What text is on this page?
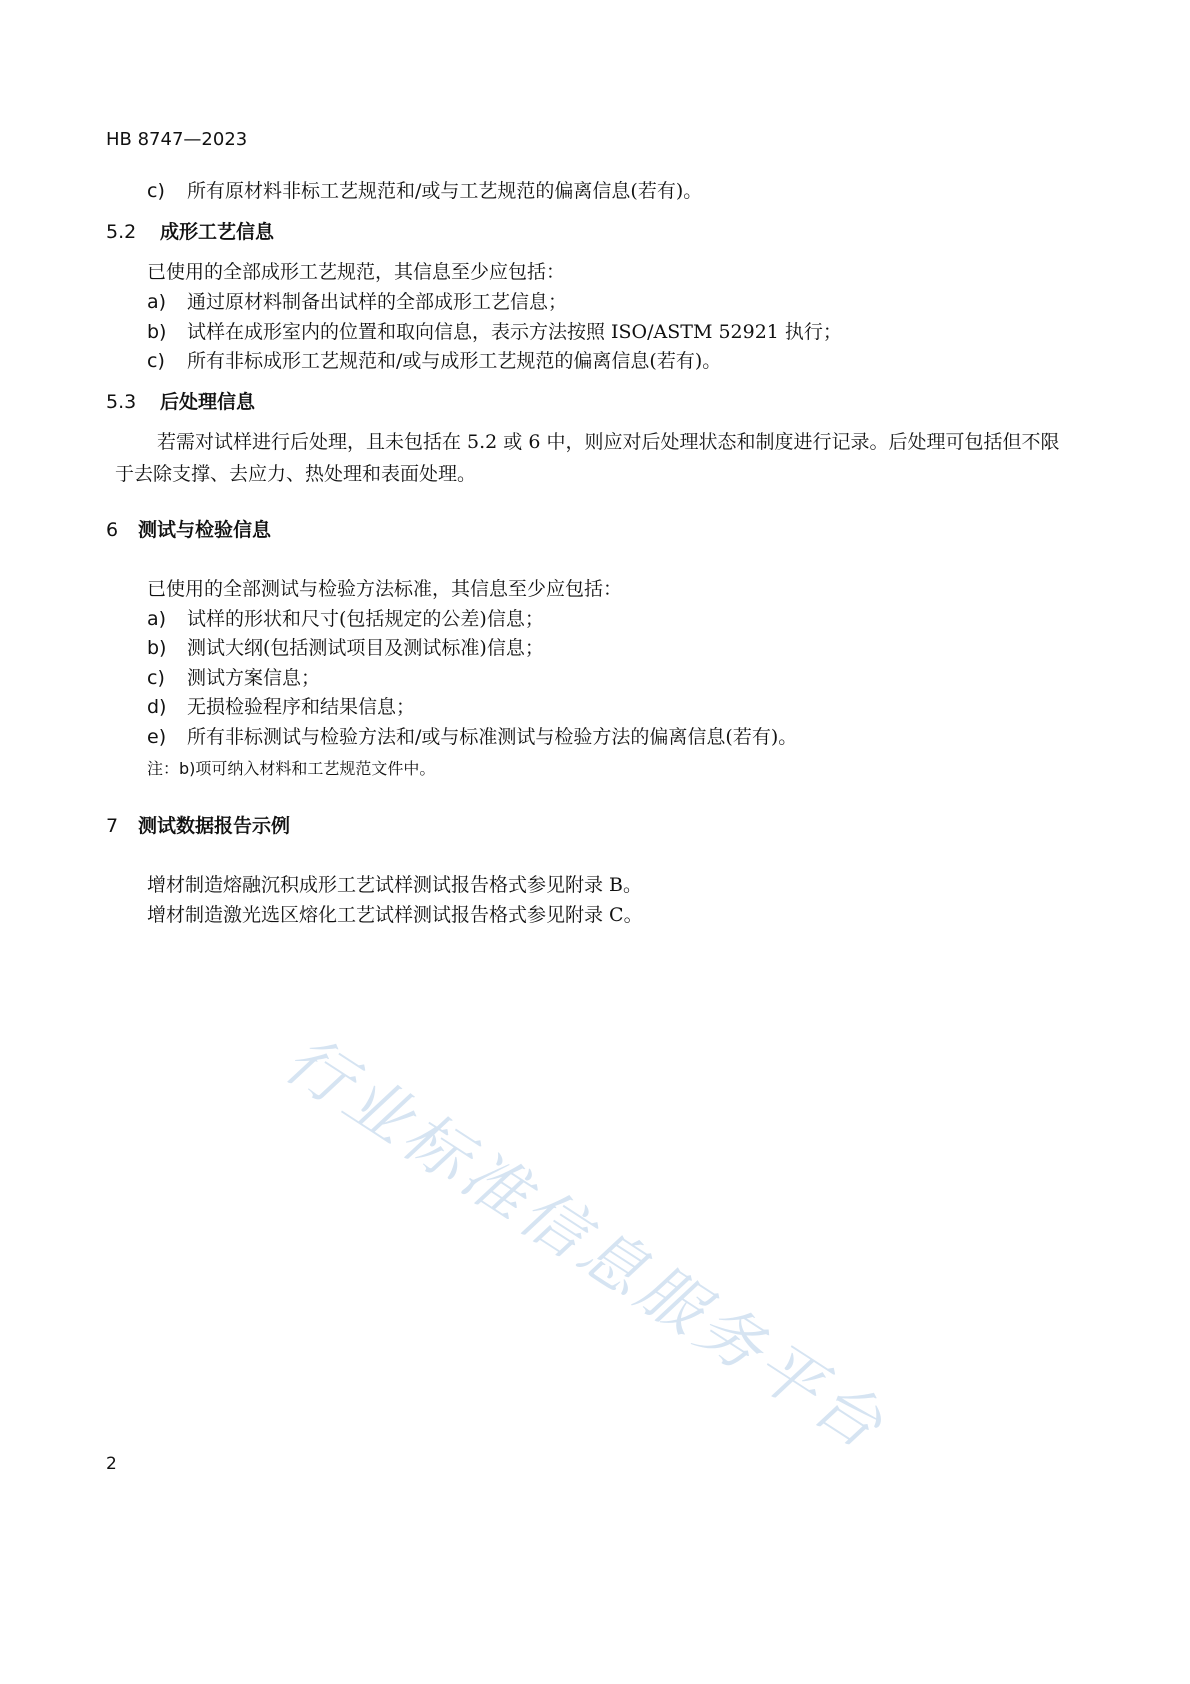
HB 8747—2023
c) 所有原材料非标工艺规范和/或与工艺规范的偏离信息(若有)。
5.2 成形工艺信息
已使用的全部成形工艺规范，其信息至少应包括：
a) 通过原材料制备出试样的全部成形工艺信息；
b) 试样在成形室内的位置和取向信息，表示方法按照 ISO/ASTM 52921 执行；
c) 所有非标成形工艺规范和/或与成形工艺规范的偏离信息(若有)。
5.3 后处理信息

若需对试样进行后处理，且未包括在 5.2 或 6 中，则应对后处理状态和制度进行记录。后处理可包括但不限于去除支撑、去应力、热处理和表面处理。

6 测试与检验信息
已使用的全部测试与检验方法标准，其信息至少应包括：
a) 试样的形状和尺寸(包括规定的公差)信息；
b) 测试大纲(包括测试项目及测试标准)信息；
c) 测试方案信息；
d) 无损检验程序和结果信息；
e) 所有非标测试与检验方法和/或与标准测试与检验方法的偏离信息(若有)。
注：b)项可纳入材料和工艺规范文件中。
7 测试数据报告示例
增材制造熔融沉积成形工艺试样测试报告格式参见附录 B。
增材制造激光选区熔化工艺试样测试报告格式参见附录 C。
行业标准信息服务平台
2
